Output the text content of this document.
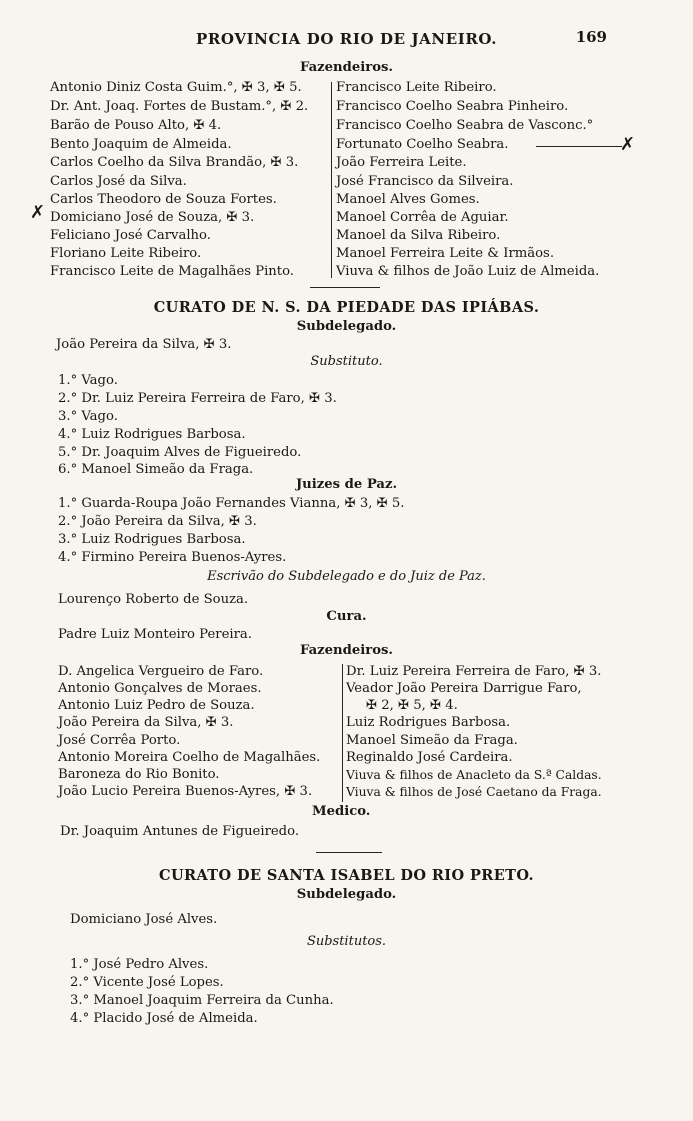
PROVINCIA DO RIO DE JANEIRO.	169
Fazendeiros.
Antonio Diniz Costa Guim.°, ✠ 3, ✠ 5.
Dr. Ant. Joaq. Fortes de Bustam.°, ✠ 2.
Barão de Pouso Alto, ✠ 4.
Bento Joaquim de Almeida.
Carlos Coelho da Silva Brandão, ✠ 3.
Carlos José da Silva.
Carlos Theodoro de Souza Fortes.
Domiciano José de Souza, ✠ 3.
Feliciano José Carvalho.
Floriano Leite Ribeiro.
Francisco Leite de Magalhães Pinto.
Francisco Leite Ribeiro.
Francisco Coelho Seabra Pinheiro.
Francisco Coelho Seabra de Vasconc.°
Fortunato Coelho Seabra.
João Ferreira Leite.
José Francisco da Silveira.
Manoel Alves Gomes.
Manoel Corrêa de Aguiar.
Manoel da Silva Ribeiro.
Manoel Ferreira Leite & Irmãos.
Viuva & filhos de João Luiz de Almeida.
✗
✗
CURATO DE N. S. DA PIEDADE DAS IPIÁBAS.
Subdelegado.
João Pereira da Silva, ✠ 3.
Substituto.
1.° Vago.
2.° Dr. Luiz Pereira Ferreira de Faro, ✠ 3.
3.° Vago.
4.° Luiz Rodrigues Barbosa.
5.° Dr. Joaquim Alves de Figueiredo.
6.° Manoel Simeão da Fraga.
Juizes de Paz.
1.° Guarda-Roupa João Fernandes Vianna, ✠ 3, ✠ 5.
2.° João Pereira da Silva, ✠ 3.
3.° Luiz Rodrigues Barbosa.
4.° Firmino Pereira Buenos-Ayres.
Escrivão do Subdelegado e do Juiz de Paz.
Lourenço Roberto de Souza.
Cura.
Padre Luiz Monteiro Pereira.
Fazendeiros.
D. Angelica Vergueiro de Faro.
Antonio Gonçalves de Moraes.
Antonio Luiz Pedro de Souza.
João Pereira da Silva, ✠ 3.
José Corrêa Porto.
Antonio Moreira Coelho de Magalhães.
Baroneza do Rio Bonito.
João Lucio Pereira Buenos-Ayres, ✠ 3.
Dr. Luiz Pereira Ferreira de Faro, ✠ 3.
Veador João Pereira Darrigue Faro,
✠ 2, ✠ 5, ✠ 4.
Luiz Rodrigues Barbosa.
Manoel Simeão da Fraga.
Reginaldo José Cardeira.
Viuva & filhos de Anacleto da S.ª Caldas.
Viuva & filhos de José Caetano da Fraga.
Medico.
Dr. Joaquim Antunes de Figueiredo.
CURATO DE SANTA ISABEL DO RIO PRETO.
Subdelegado.
Domiciano José Alves.
Substitutos.
1.° José Pedro Alves.
2.° Vicente José Lopes.
3.° Manoel Joaquim Ferreira da Cunha.
4.° Placido José de Almeida.
